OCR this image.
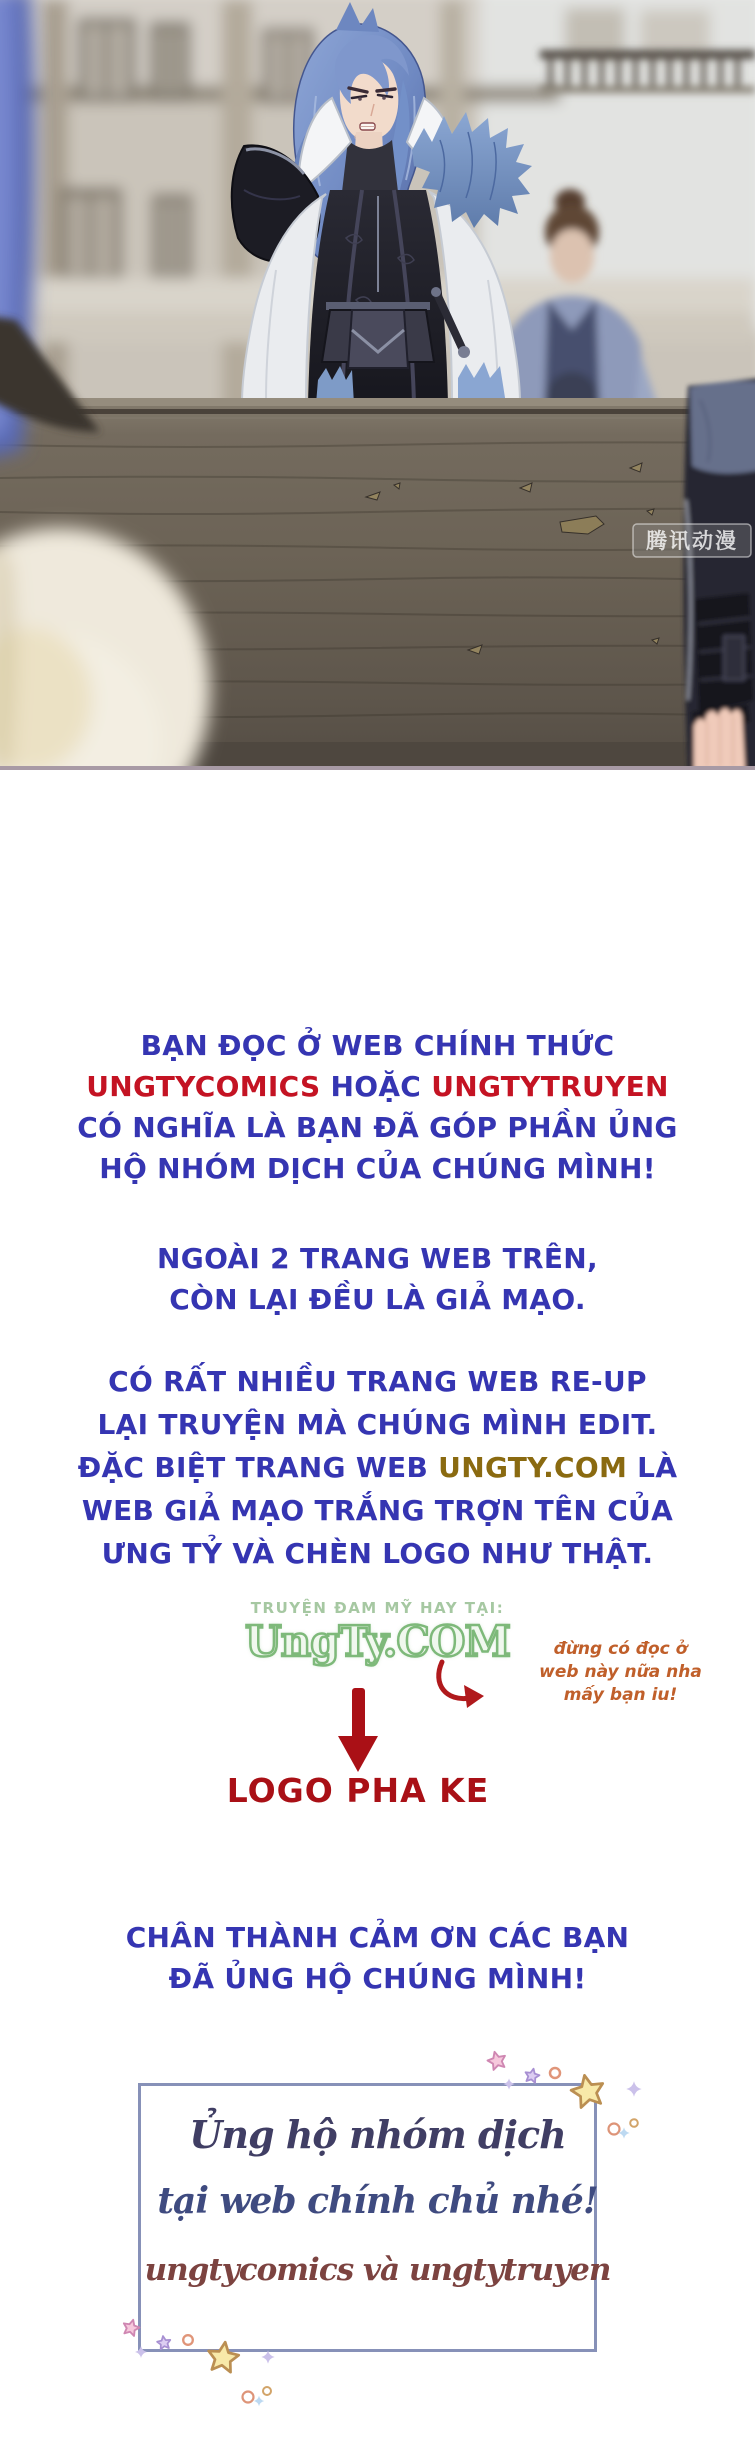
腾讯动漫
BẠN ĐỌC Ở WEB CHÍNH THỨC
UNGTYCOMICS HOẶC UNGTYTRUYEN
CÓ NGHĨA LÀ BẠN ĐÃ GÓP PHẦN ỦNG
HỘ NHÓM DỊCH CỦA CHÚNG MÌNH!
NGOÀI 2 TRANG WEB TRÊN,
CÒN LẠI ĐỀU LÀ GIẢ MẠO.
CÓ RẤT NHIỀU TRANG WEB RE-UP
LẠI TRUYỆN MÀ CHÚNG MÌNH EDIT.
ĐẶC BIỆT TRANG WEB UNGTY.COM LÀ
WEB GIẢ MẠO TRẮNG TRỢN TÊN CỦA
ƯNG TỶ VÀ CHÈN LOGO NHƯ THẬT.
TRUYỆN ĐAM MỸ HAY TẠI:
UngTy.COM	đừng có đọc ở
web này nữa nha
mấy bạn iu!
LOGO PHA KE
CHÂN THÀNH CẢM ƠN CÁC BẠN
ĐÃ ỦNG HỘ CHÚNG MÌNH!
Ủng hộ nhóm dịch
tại web chính chủ nhé!
ungtycomics và ungtytruyen
